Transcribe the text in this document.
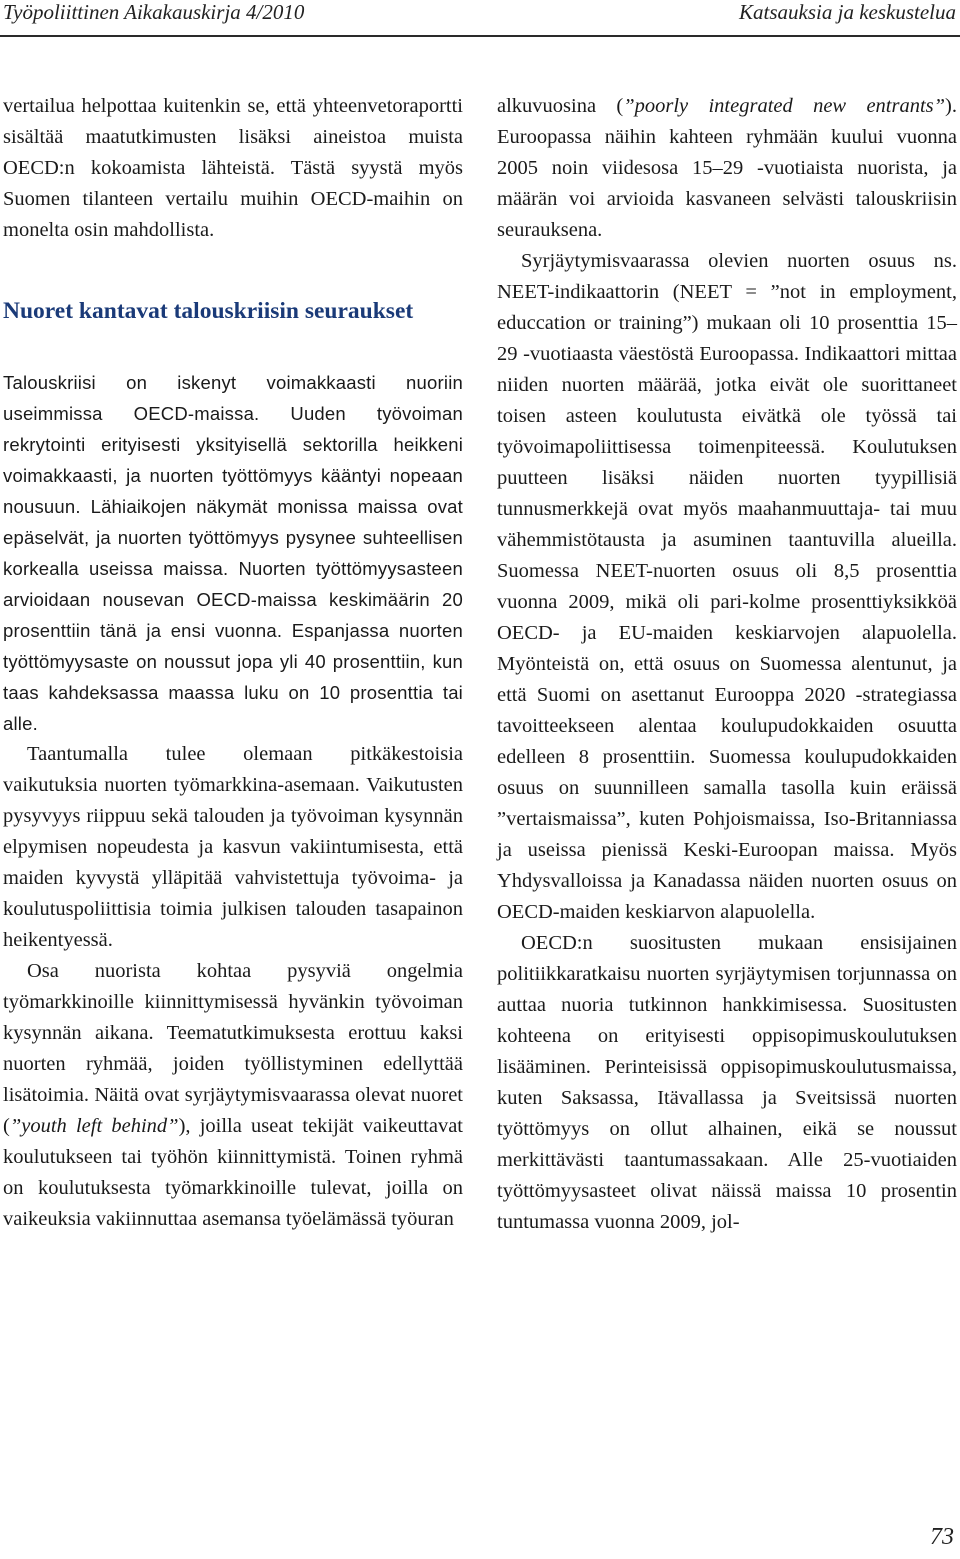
Työpoliittinen Aikakauskirja 4/2010	Katsauksia ja keskustelua

vertailua helpottaa kuitenkin se, että yhteenvetoraportti sisältää maatutkimusten lisäksi aineistoa muista OECD:n kokoamista lähteistä. Tästä syystä myös Suomen tilanteen vertailu muihin OECD-maihin on monelta osin mahdollista.

Nuoret kantavat talouskriisin seuraukset

Talouskriisi on iskenyt voimakkaasti nuoriin useimmissa OECD-maissa. Uuden työvoiman rekrytointi erityisesti yksityisellä sektorilla heikkeni voimakkaasti, ja nuorten työttömyys kääntyi nopeaan nousuun. Lähiaikojen näkymät monissa maissa ovat epäselvät, ja nuorten työttömyys pysynee suhteellisen korkealla useissa maissa. Nuorten työttömyysasteen arvioidaan nousevan OECD-maissa keskimäärin 20 prosenttiin tänä ja ensi vuonna. Espanjassa nuorten työttömyysaste on noussut jopa yli 40 prosenttiin, kun taas kahdeksassa maassa luku on 10 prosenttia tai alle.

Taantumalla tulee olemaan pitkäkestoisia vaikutuksia nuorten työmarkkina-asemaan. Vaikutusten pysyvyys riippuu sekä talouden ja työvoiman kysynnän elpymisen nopeudesta ja kasvun vakiintumisesta, että maiden kyvystä ylläpitää vahvistettuja työvoima- ja koulutuspoliittisia toimia julkisen talouden tasapainon heikentyessä.

Osa nuorista kohtaa pysyviä ongelmia työmarkkinoille kiinnittymisessä hyvänkin työvoiman kysynnän aikana. Teematutkimuksesta erottuu kaksi nuorten ryhmää, joiden työllistyminen edellyttää lisätoimia. Näitä ovat syrjäytymisvaarassa olevat nuoret (”youth left behind”), joilla useat tekijät vaikeuttavat koulutukseen tai työhön kiinnittymistä. Toinen ryhmä on koulutuksesta työmarkkinoille tulevat, joilla on vaikeuksia vakiinnuttaa asemansa työelämässä työuran

alkuvuosina (”poorly integrated new entrants”). Euroopassa näihin kahteen ryhmään kuului vuonna 2005 noin viidesosa 15–29 -vuotiaista nuorista, ja määrän voi arvioida kasvaneen selvästi talouskriisin seurauksena.

Syrjäytymisvaarassa olevien nuorten osuus ns. NEET-indikaattorin (NEET = ”not in employment, educcation or training”) mukaan oli 10 prosenttia 15–29 -vuotiaasta väestöstä Euroopassa. Indikaattori mittaa niiden nuorten määrää, jotka eivät ole suorittaneet toisen asteen koulutusta eivätkä ole työssä tai työvoimapoliittisessa toimenpiteessä. Koulutuksen puutteen lisäksi näiden nuorten tyypillisiä tunnusmerkkejä ovat myös maahanmuuttaja- tai muu vähemmistötausta ja asuminen taantuvilla alueilla. Suomessa NEET-nuorten osuus oli 8,5 prosenttia vuonna 2009, mikä oli pari-kolme prosenttiyksikköä OECD- ja EU-maiden keskiarvojen alapuolella. Myönteistä on, että osuus on Suomessa alentunut, ja että Suomi on asettanut Eurooppa 2020 -strategiassa tavoitteekseen alentaa koulupudokkaiden osuutta edelleen 8 prosenttiin. Suomessa koulupudokkaiden osuus on suunnilleen samalla tasolla kuin eräissä ”vertaismaissa”, kuten Pohjoismaissa, Iso-Britanniassa ja useissa pienissä Keski-Euroopan maissa. Myös Yhdysvalloissa ja Kanadassa näiden nuorten osuus on OECD-maiden keskiarvon alapuolella.

OECD:n suositusten mukaan ensisijainen politiikkaratkaisu nuorten syrjäytymisen torjunnassa on auttaa nuoria tutkinnon hankkimisessa. Suositusten kohteena on erityisesti oppisopimuskoulutuksen lisääminen. Perinteisissä oppisopimuskoulutusmaissa, kuten Saksassa, Itävallassa ja Sveitsissä nuorten työttömyys on ollut alhainen, eikä se noussut merkittävästi taantumassakaan. Alle 25-vuotiaiden työttömyysasteet olivat näissä maissa 10 prosentin tuntumassa vuonna 2009, jol-

73
